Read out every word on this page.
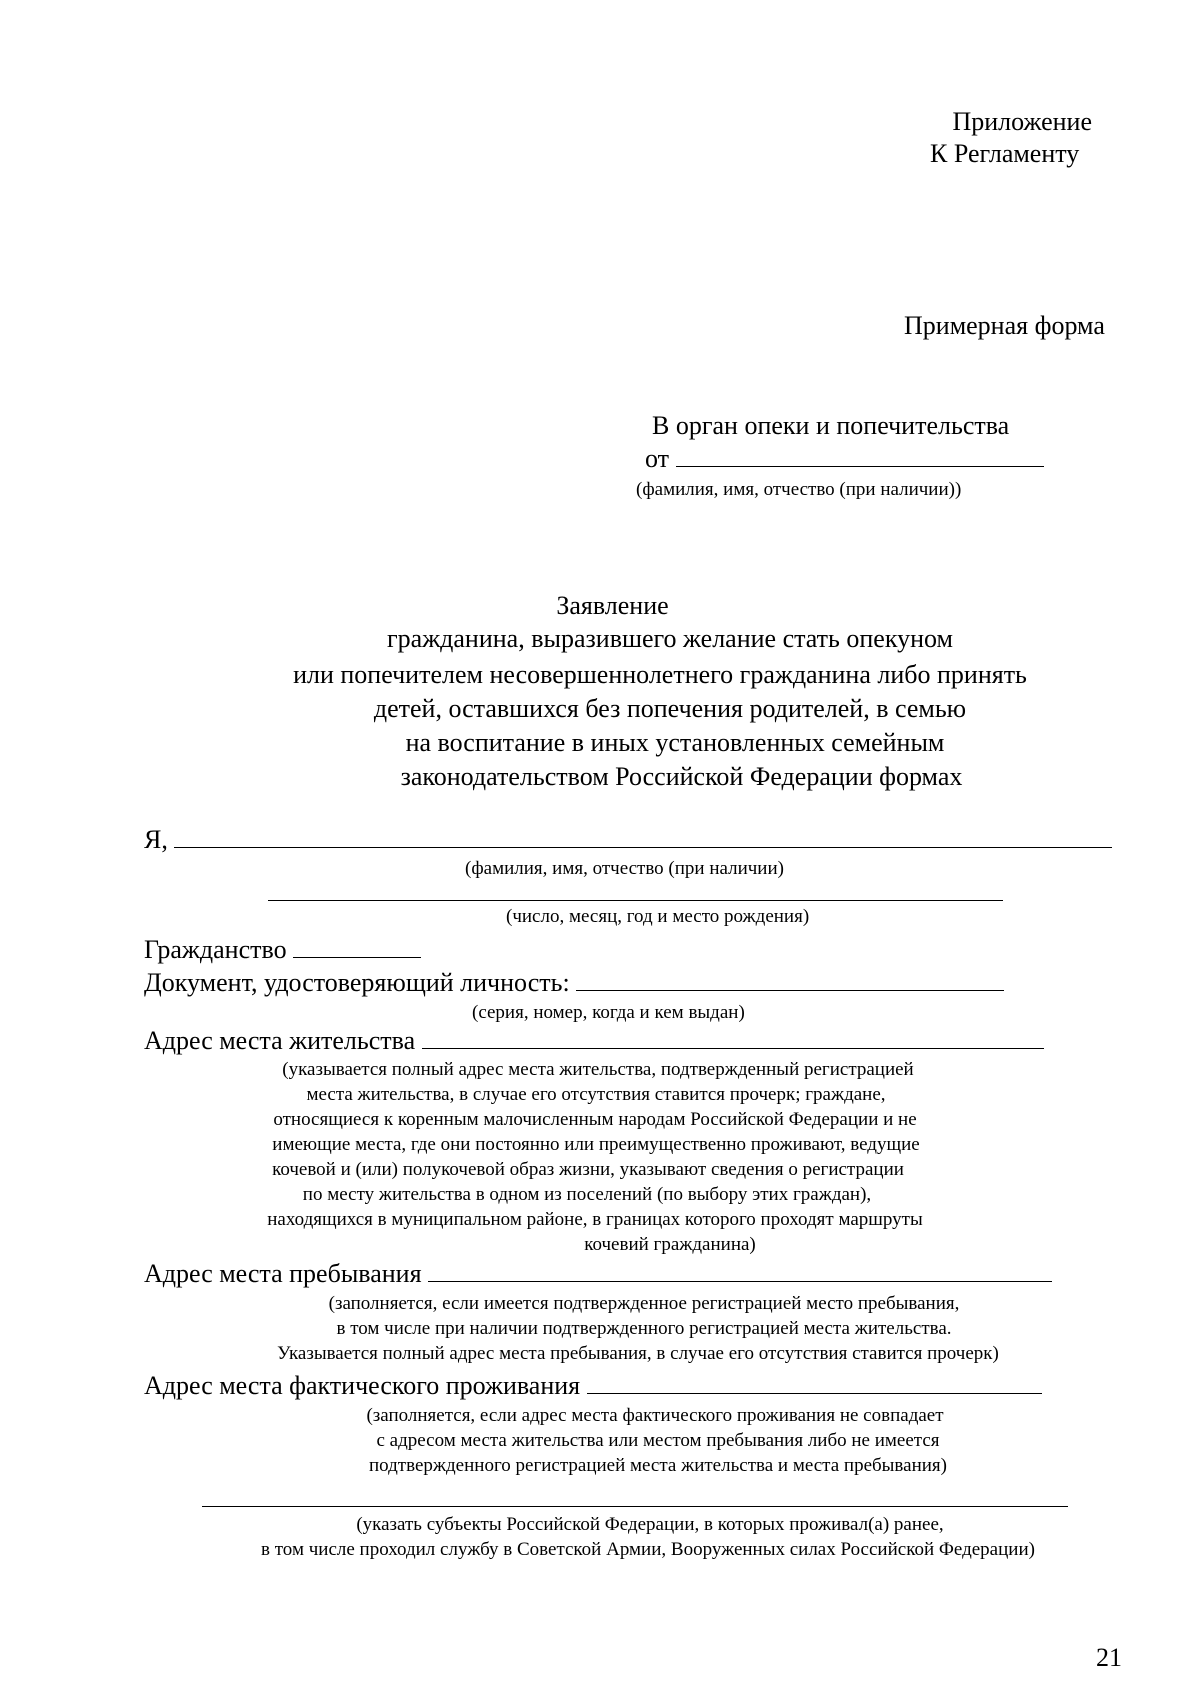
Приложение
К Регламенту
Примерная форма
В орган опеки и попечительства
от
(фамилия, имя, отчество (при наличии))
Заявление
гражданина, выразившего желание стать опекуном
или попечителем несовершеннолетнего гражданина либо принять
детей, оставшихся без попечения родителей, в семью
на воспитание в иных установленных семейным
законодательством Российской Федерации формах
Я,
(фамилия, имя, отчество (при наличии)
(число, месяц, год и место рождения)
Гражданство
Документ, удостоверяющий личность:
(серия, номер, когда и кем выдан)
Адрес места жительства
(указывается полный адрес места жительства, подтвержденный регистрацией
места жительства, в случае его отсутствия ставится прочерк; граждане,
относящиеся к коренным малочисленным народам Российской Федерации и не
имеющие места, где они постоянно или преимущественно проживают, ведущие
кочевой и (или) полукочевой образ жизни, указывают сведения о регистрации
по месту жительства в одном из поселений (по выбору этих граждан),
находящихся в муниципальном районе, в границах которого проходят маршруты
кочевий гражданина)
Адрес места пребывания
(заполняется, если имеется подтвержденное регистрацией место пребывания,
в том числе при наличии подтвержденного регистрацией места жительства.
Указывается полный адрес места пребывания, в случае его отсутствия ставится прочерк)
Адрес места фактического проживания
(заполняется, если адрес места фактического проживания не совпадает
с адресом места жительства или местом пребывания либо не имеется
подтвержденного регистрацией места жительства и места пребывания)
(указать субъекты Российской Федерации, в которых проживал(а) ранее,
в том числе проходил службу в Советской Армии, Вооруженных силах Российской Федерации)
21
